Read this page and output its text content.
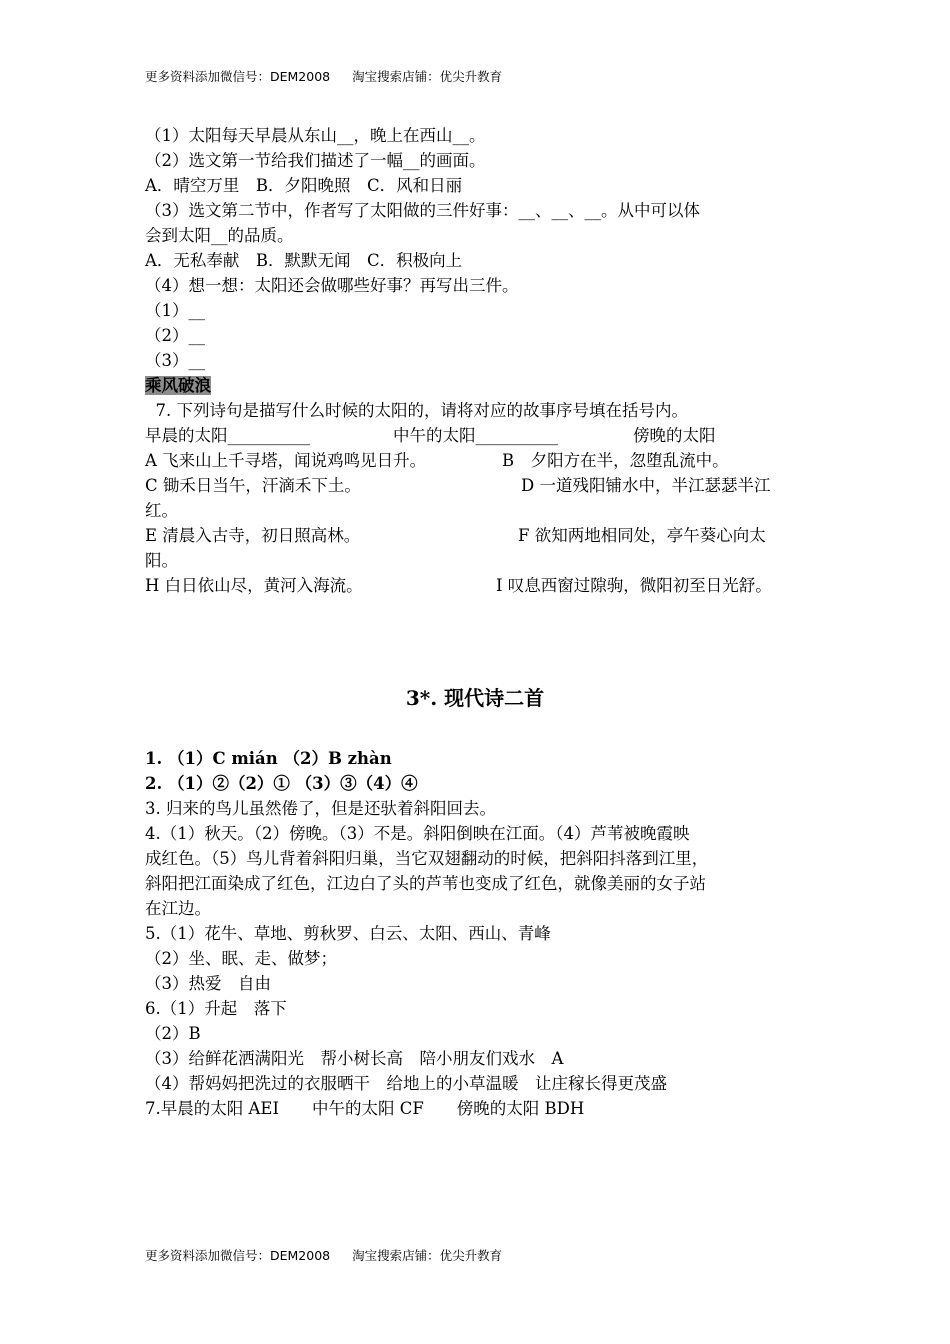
更多资料添加微信号：DEM2008 淘宝搜索店铺：优尖升教育
（1）太阳每天早晨从东山__，晚上在西山__。
（2）选文第一节给我们描述了一幅__的画面。
A．晴空万里　B．夕阳晚照　C．风和日丽
（3）选文第二节中，作者写了太阳做的三件好事：__、__、__。从中可以体
会到太阳__的品质。
A．无私奉献　B．默默无闻　C．积极向上
（4）想一想：太阳还会做哪些好事？再写出三件。
（1）__
（2）__
（3）__
乘风破浪
7. 下列诗句是描写什么时候的太阳的，请将对应的故事序号填在括号内。
早晨的太阳__________	中午的太阳__________	傍晚的太阳
A 飞来山上千寻塔，闻说鸡鸣见日升。	B　夕阳方在半，忽堕乱流中。
C 锄禾日当午，汗滴禾下土。	D 一道残阳铺水中，半江瑟瑟半江
红。
E 清晨入古寺，初日照高林。	F 欲知两地相同处，亭午葵心向太
阳。
H 白日依山尽，黄河入海流。	I 叹息西窗过隙驹，微阳初至日光舒。
3*. 现代诗二首
1. （1）C mián （2）B zhàn
2. （1）②（2）① （3）③（4）④
3. 归来的鸟儿虽然倦了，但是还驮着斜阳回去。
4.（1）秋天。（2）傍晚。（3）不是。斜阳倒映在江面。（4）芦苇被晚霞映
成红色。（5）鸟儿背着斜阳归巢，当它双翅翻动的时候，把斜阳抖落到江里，
斜阳把江面染成了红色，江边白了头的芦苇也变成了红色，就像美丽的女子站
在江边。
5.（1）花牛、草地、剪秋罗、白云、太阳、西山、青峰
（2）坐、眠、走、做梦；
（3）热爱　自由
6.（1）升起　落下
（2）B
（3）给鲜花洒满阳光　帮小树长高　陪小朋友们戏水　A
（4）帮妈妈把洗过的衣服晒干　给地上的小草温暖　让庄稼长得更茂盛
7.早晨的太阳 AEI　　中午的太阳 CF　　傍晚的太阳 BDH
更多资料添加微信号：DEM2008 淘宝搜索店铺：优尖升教育
